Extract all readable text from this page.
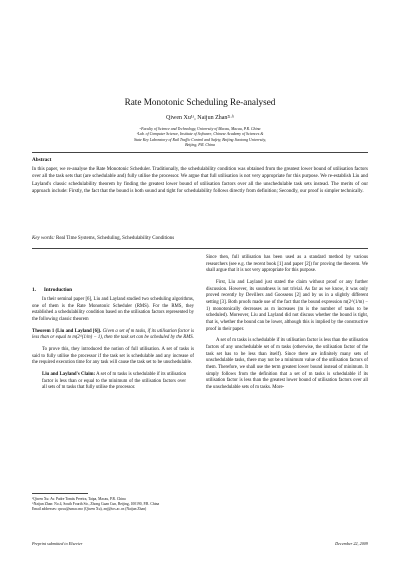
Rate Monotonic Scheduling Re-analysed
Qiwen Xu¹ᵃ, Naijun Zhan²ʲ·ᵇ
ᵃFaculty of Science and Technology, University of Macau, Macau, P.R. China
ᵇLab. of Computer Science, Institute of Software, Chinese Academy of Sciences &
State Key Laboratory of Rail Traffic Control and Safety, Beijing Jiaotong University,
Beijing, P.R. China
Abstract
In this paper, we re-analyse the Rate Monotonic Scheduler. Traditionally, the schedulability condition was obtained from the greatest lower bound of utilisation factors over all the task sets that (are schedulable and) fully utilise the processor. We argue that full utilisation is not very appropriate for this purpose. We re-establish Liu and Layland's classic schedulability theorem by finding the greatest lower bound of utilisation factors over all the unschedulable task sets instead. The merits of our approach include: Firstly, the fact that the bound is both sound and tight for schedulability follows directly from definition; Secondly, our proof is simpler technically.
Key words: Real Time Systems, Scheduling, Schedulability Conditions
1. Introduction

In their seminal paper [6], Liu and Layland studied two scheduling algorithms, one of them is the Rate Monotonic Scheduler (RMS). For the RMS, they established a schedulability condition based on the utilisation factors represented by the following classic theorem

Theorem 1 (Liu and Layland [6]). Given a set of m tasks, if its utilisation factor is less than or equal to m(2^(1/m) − 1), then the task set can be scheduled by the RMS.

To prove this, they introduced the notion of full utilisation. A set of tasks is said to fully utilise the processor if the task set is schedulable and any increase of the required execution time for any task will cause the task set to be unschedulable.

Liu and Layland's Claim: A set of m tasks is schedulable if its utilisation factor is less than or equal to the minimum of the utilisation factors over all sets of m tasks that fully utilise the processor.

¹Qiwen Xu: Av. Padre Tomás Pereira, Taipa, Macau, P.R. China
²ʲNaijun Zhan: No.4, South Fourth Str., Zhong Guan Cun, Beijing, 100190, P.R. China
Email addresses: qwxu@umac.mo (Qiwen Xu), znj@ios.ac.cn (Naijun Zhan)

Since then, full utilisation has been used as a standard method by various researchers (see e.g. the recent book [1] and paper [2]) for proving the theorem. We shall argue that it is not very appropriate for this purpose.

First, Liu and Layland just stated the claim without proof or any further discussion. However, its soundness is not trivial. As far as we know, it was only proved recently by Devillers and Goossens [2] and by us in a slightly different setting [3]. Both proofs made use of the fact that the bound expression m(2^(1/m) − 1) monotonically decreases as m increases (m is the number of tasks to be scheduled). Moreover, Liu and Layland did not discuss whether the bound is tight, that is, whether the bound can be lower, although this is implied by the constructive proof in their paper.

A set of m tasks is schedulable if its utilisation factor is less than the utilisation factors of any unschedulable set of m tasks (otherwise, the utilisation factor of the task set has to be less than itself). Since there are infinitely many sets of unschedulable tasks, there may not be a minimum value of the utilisation factors of them. Therefore, we shall use the term greatest lower bound instead of minimum. It simply follows from the definition that a set of m tasks is schedulable if its utilisation factor is less than the greatest lower bound of utilisation factors over all the unschedulable sets of m tasks. More-

Preprint submitted to Elsevier	December 22, 2009
